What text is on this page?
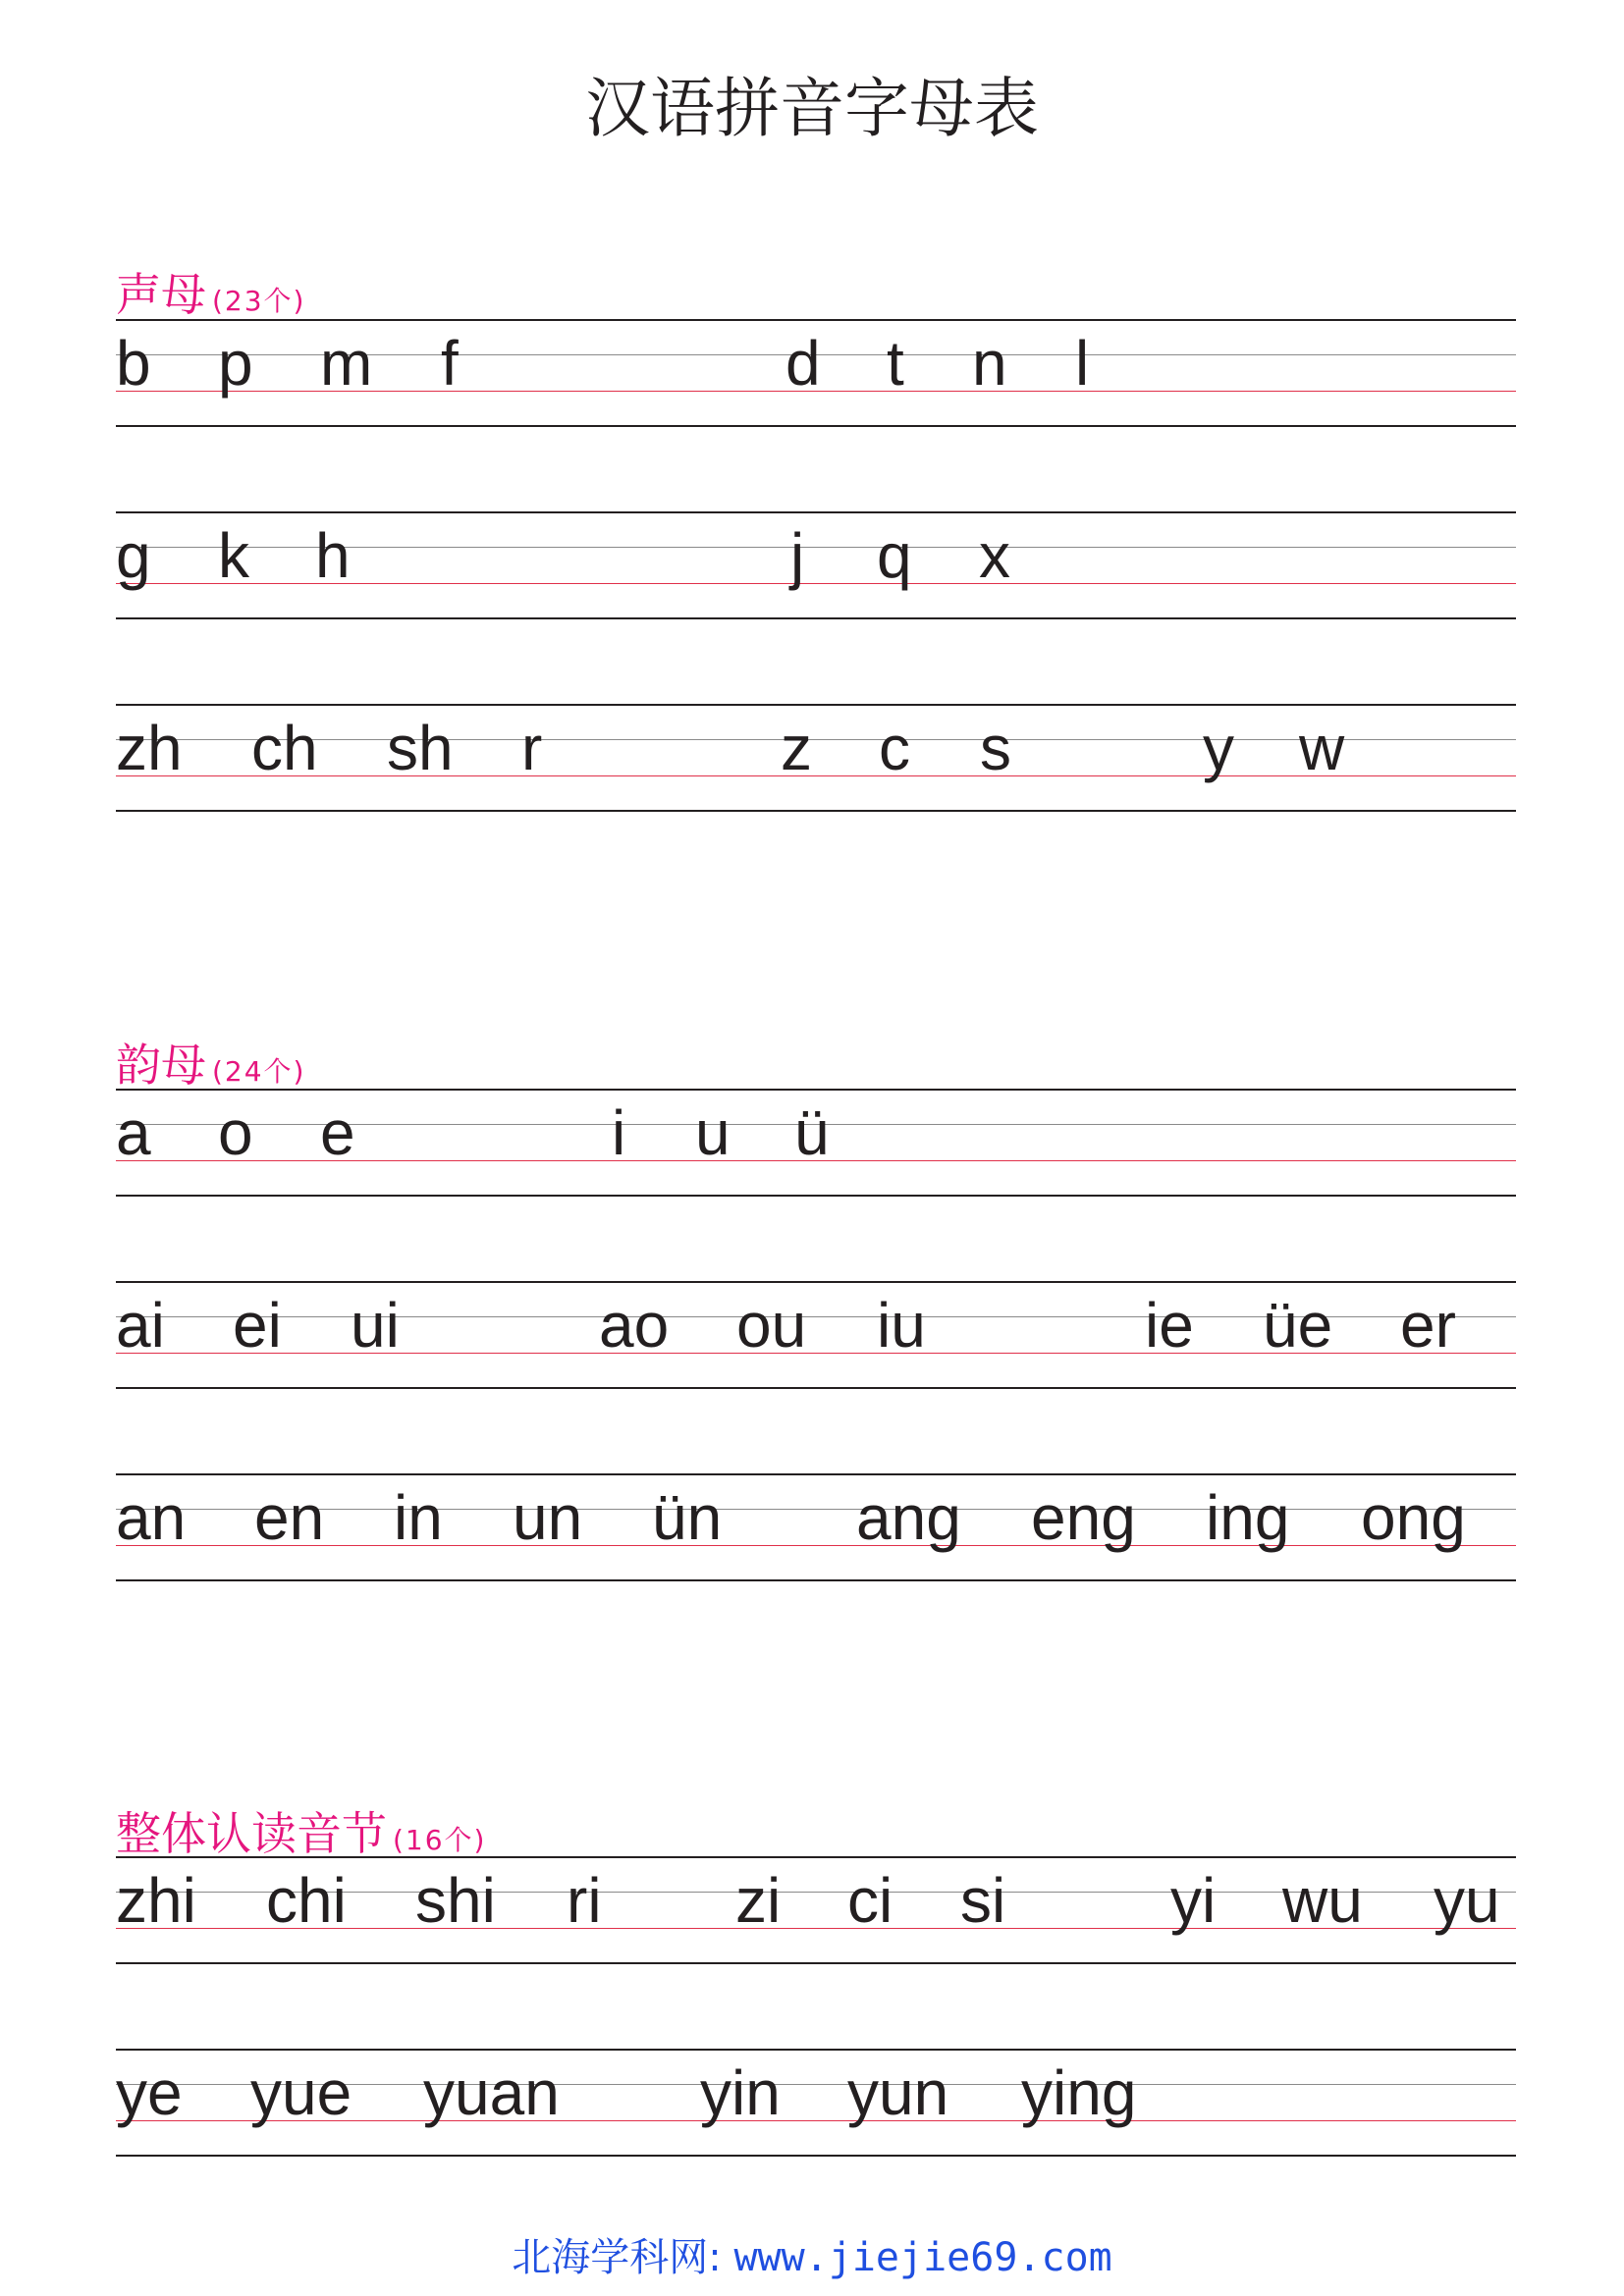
汉语拼音字母表
声母 (23个)
b p m f	d t n l
g k h	j q x
zh ch sh r	z c s	y w
韵母 (24个)
a o e	i u ü
ai ei ui	ao ou iu	ie üe er
an en in un ün ang eng ing ong
整体认读音节 (16个)
zhi chi shi ri zi ci si	yi wu yu
ye yue yuan yin yun ying
北海学科网: www.jiejie69.com
